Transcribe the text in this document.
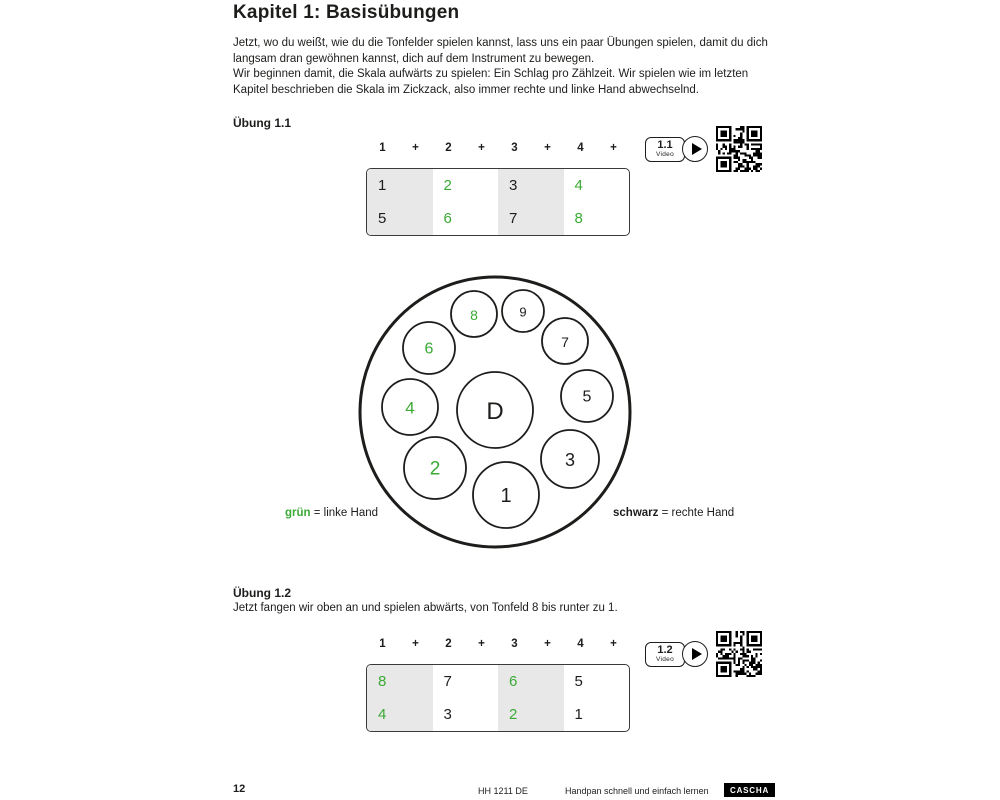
Kapitel 1: Basisübungen

Jetzt, wo du weißt, wie du die Tonfelder spielen kannst, lass uns ein paar Übungen spielen, damit du dich langsam dran gewöhnen kannst, dich auf dem Instrument zu bewegen.

Wir beginnen damit, die Skala aufwärts zu spielen: Ein Schlag pro Zählzeit. Wir spielen wie im letzten Kapitel beschrieben die Skala im Zickzack, also immer rechte und linke Hand abwechselnd.

Übung 1.1
1	+	2	+	3	+	4	+
1	2	3	4
5	6	7	8
1.1
Video
1
2	3
4
5
6	7
8	9
D
grün = linke Hand	schwarz = rechte Hand
Übung 1.2
Jetzt fangen wir oben an und spielen abwärts, von Tonfeld 8 bis runter zu 1.
1	+	2	+	3	+	4	+
8	7	6	5
4	3	2	1
1.2
Video
12	HH 1211 DE	Handpan schnell und einfach lernen	CASCHA
